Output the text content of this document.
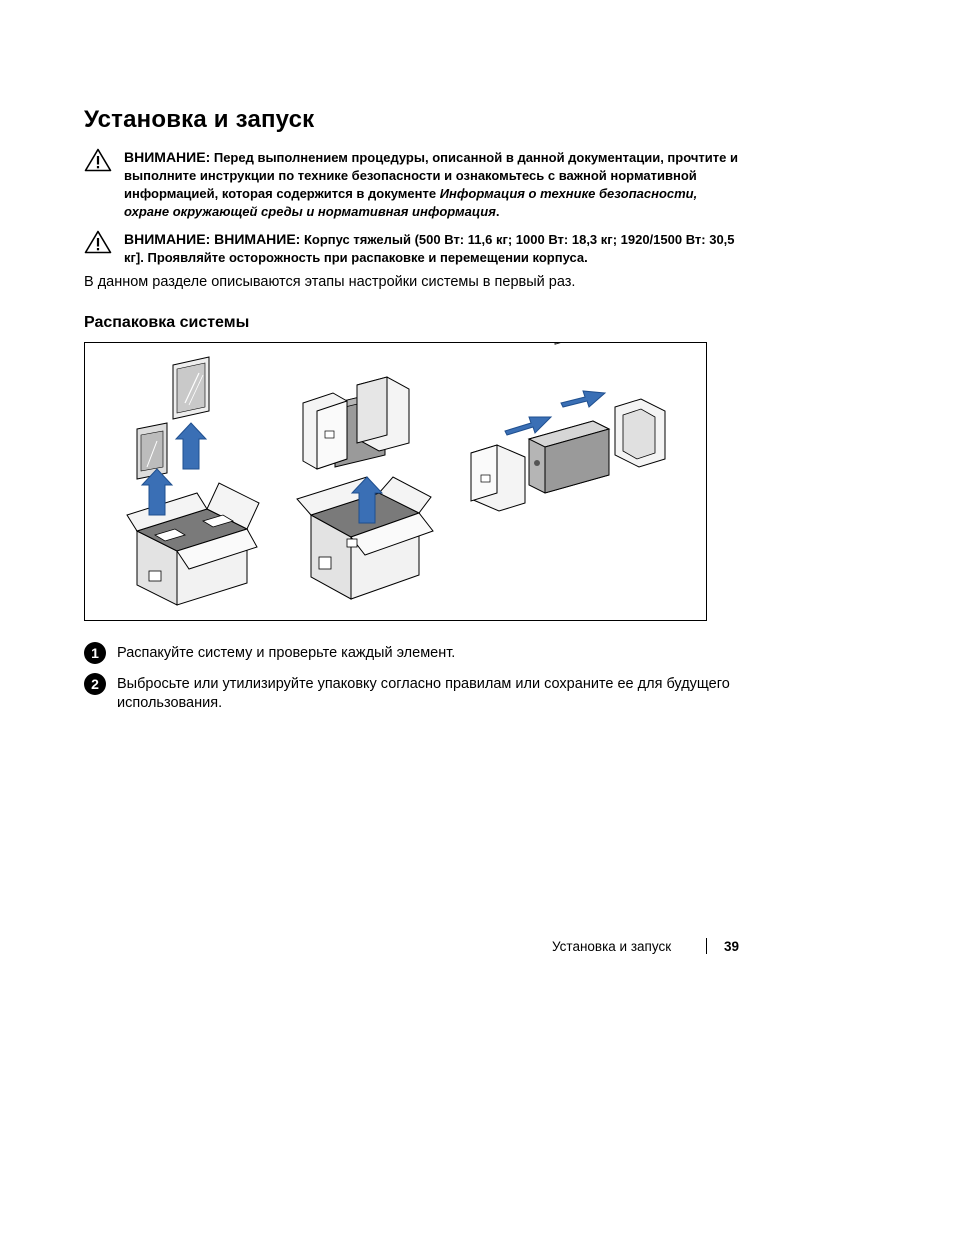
Установка и запуск
ВНИМАНИЕ: Перед выполнением процедуры, описанной в данной документации, прочтите и выполните инструкции по технике безопасности и ознакомьтесь с важной нормативной информацией, которая содержится в документе Информация о технике безопасности, охране окружающей среды и нормативная информация.
ВНИМАНИЕ: ВНИМАНИЕ: Корпус тяжелый (500 Вт: 11,6 кг; 1000 Вт: 18,3 кг; 1920/1500 Вт: 30,5 кг]. Проявляйте осторожность при распаковке и перемещении корпуса.

В данном разделе описываются этапы настройки системы в первый раз.

Распаковка системы
1	Распакуйте систему и проверьте каждый элемент.
2	Выбросьте или утилизируйте упаковку согласно правилам или сохраните ее для будущего использования.
Установка и запуск	39
